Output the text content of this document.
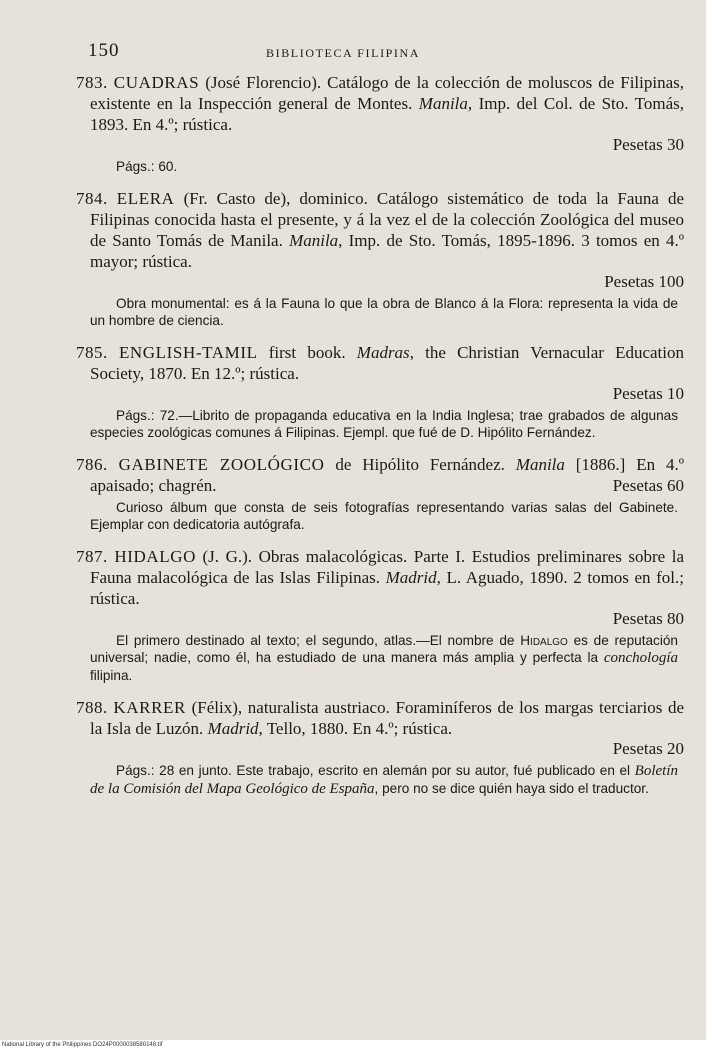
150	BIBLIOTECA FILIPINA
783. CUADRAS (José Florencio). Catálogo de la colección de moluscos de Filipinas, existente en la Inspección general de Montes. Manila, Imp. del Col. de Sto. Tomás, 1893. En 4.º; rústica.
Pesetas 30
Págs.: 60.
784. ELERA (Fr. Casto de), dominico. Catálogo sistemático de toda la Fauna de Filipinas conocida hasta el presente, y á la vez el de la colección Zoológica del museo de Santo Tomás de Manila. Manila, Imp. de Sto. Tomás, 1895-1896. 3 tomos en 4.º mayor; rústica.
Pesetas 100
Obra monumental: es á la Fauna lo que la obra de Blanco á la Flora: representa la vida de un hombre de ciencia.
785. ENGLISH-TAMIL first book. Madras, the Christian Vernacular Education Society, 1870. En 12.º; rústica.
Pesetas 10
Págs.: 72.—Librito de propaganda educativa en la India Inglesa; trae grabados de algunas especies zoológicas comunes á Filipinas. Ejempl. que fué de D. Hipólito Fernández.
786. GABINETE ZOOLÓGICO de Hipólito Fernández. Manila [1886.] En 4.º apaisado; chagrén.	Pesetas 60
Curioso álbum que consta de seis fotografías representando varias salas del Gabinete. Ejemplar con dedicatoria autógrafa.
787. HIDALGO (J. G.). Obras malacológicas. Parte I. Estudios preliminares sobre la Fauna malacológica de las Islas Filipinas. Madrid, L. Aguado, 1890. 2 tomos en fol.; rústica.
Pesetas 80
El primero destinado al texto; el segundo, atlas.—El nombre de Hidalgo es de reputación universal; nadie, como él, ha estudiado de una manera más amplia y perfecta la conchología filipina.
788. KARRER (Félix), naturalista austriaco. Foraminíferos de los margas terciarios de la Isla de Luzón. Madrid, Tello, 1880. En 4.º; rústica.
Pesetas 20
Págs.: 28 en junto. Este trabajo, escrito en alemán por su autor, fué publicado en el Boletín de la Comisión del Mapa Geológico de España, pero no se dice quién haya sido el traductor.
National Library of the Philippines DO24P0000038580148.tif
